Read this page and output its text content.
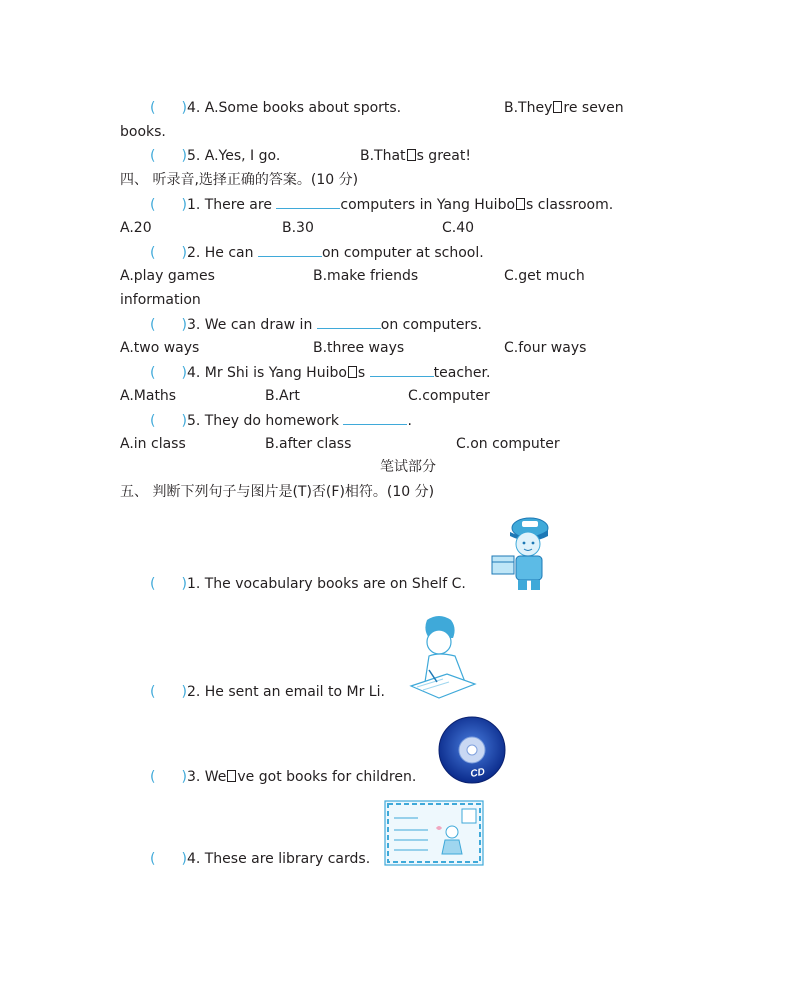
( )4. A.Some books about sports.	B.They re seven
books.
( )5. A.Yes, I go.	B.That s great!
四、 听录音,选择正确的答案。(10 分)
( )1. There are	computers in Yang Huibo s classroom.
A.20	B.30	C.40
( )2. He can	on computer at school.
A.play games	B.make friends	C.get much
information
( )3. We can draw in	on computers.
A.two ways	B.three ways	C.four ways
( )4. Mr Shi is Yang Huibo s	teacher.
A.Maths	B.Art	C.computer
( )5. They do homework	.
A.in class	B.after class	C.on computer
笔试部分
五、 判断下列句子与图片是(T)否(F)相符。(10 分)
( )1. The vocabulary books are on Shelf C.
( )2. He sent an email to Mr Li.
( )3. We ve got books for children.
( )4. These are library cards.
CD
